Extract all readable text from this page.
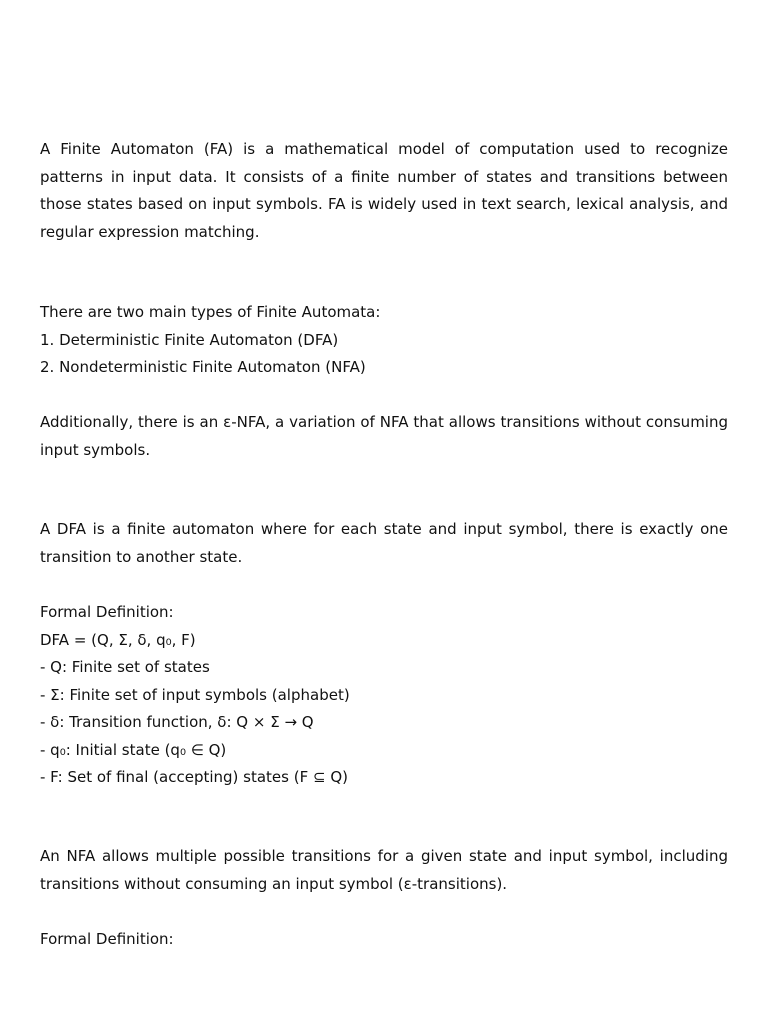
A Finite Automaton (FA) is a mathematical model of computation used to recognize patterns in input data. It consists of a finite number of states and transitions between those states based on input symbols. FA is widely used in text search, lexical analysis, and regular expression matching.

There are two main types of Finite Automata:
1. Deterministic Finite Automaton (DFA)
2. Nondeterministic Finite Automaton (NFA)

Additionally, there is an ε-NFA, a variation of NFA that allows transitions without consuming input symbols.

A DFA is a finite automaton where for each state and input symbol, there is exactly one transition to another state.

Formal Definition:
DFA = (Q, Σ, δ, q₀, F)
- Q: Finite set of states
- Σ: Finite set of input symbols (alphabet)
- δ: Transition function, δ: Q × Σ → Q
- q₀: Initial state (q₀ ∈ Q)
- F: Set of final (accepting) states (F ⊆ Q)

An NFA allows multiple possible transitions for a given state and input symbol, including transitions without consuming an input symbol (ε-transitions).

Formal Definition:
